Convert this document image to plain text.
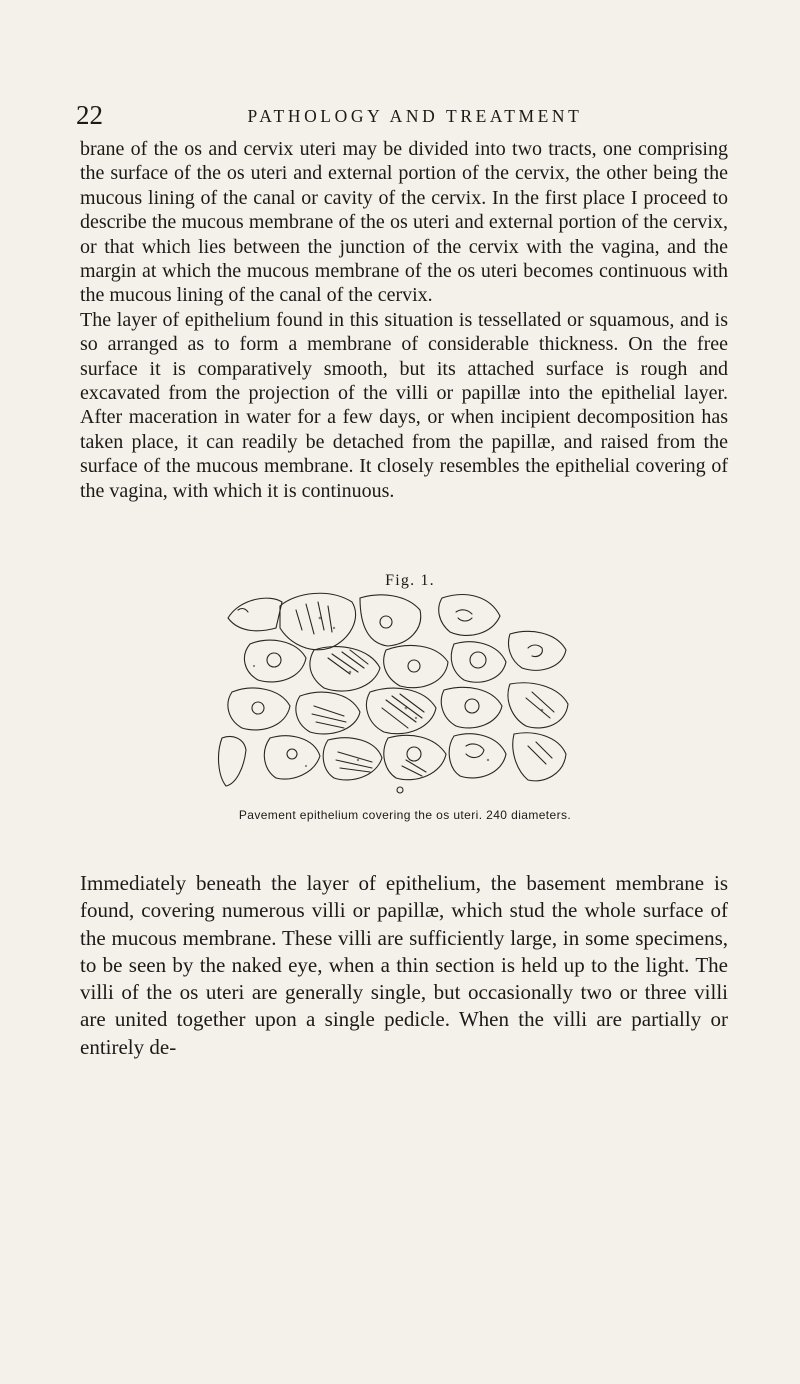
22	PATHOLOGY AND TREATMENT

brane of the os and cervix uteri may be divided into two tracts, one comprising the surface of the os uteri and external portion of the cervix, the other being the mucous lining of the canal or cavity of the cervix. In the first place I proceed to describe the mucous membrane of the os uteri and external portion of the cervix, or that which lies between the junction of the cervix with the vagina, and the margin at which the mucous membrane of the os uteri becomes continuous with the mucous lining of the canal of the cervix.

The layer of epithelium found in this situation is tessellated or squamous, and is so arranged as to form a membrane of considerable thickness. On the free surface it is comparatively smooth, but its attached surface is rough and excavated from the projection of the villi or papillæ into the epithelial layer. After maceration in water for a few days, or when incipient decomposition has taken place, it can readily be detached from the papillæ, and raised from the surface of the mucous membrane. It closely resembles the epithelial covering of the vagina, with which it is continuous.

Fig. 1.
Pavement epithelium covering the os uteri. 240 diameters.

Immediately beneath the layer of epithelium, the basement membrane is found, covering numerous villi or papillæ, which stud the whole surface of the mucous membrane. These villi are sufficiently large, in some specimens, to be seen by the naked eye, when a thin section is held up to the light. The villi of the os uteri are generally single, but occasionally two or three villi are united together upon a single pedicle. When the villi are partially or entirely de-
